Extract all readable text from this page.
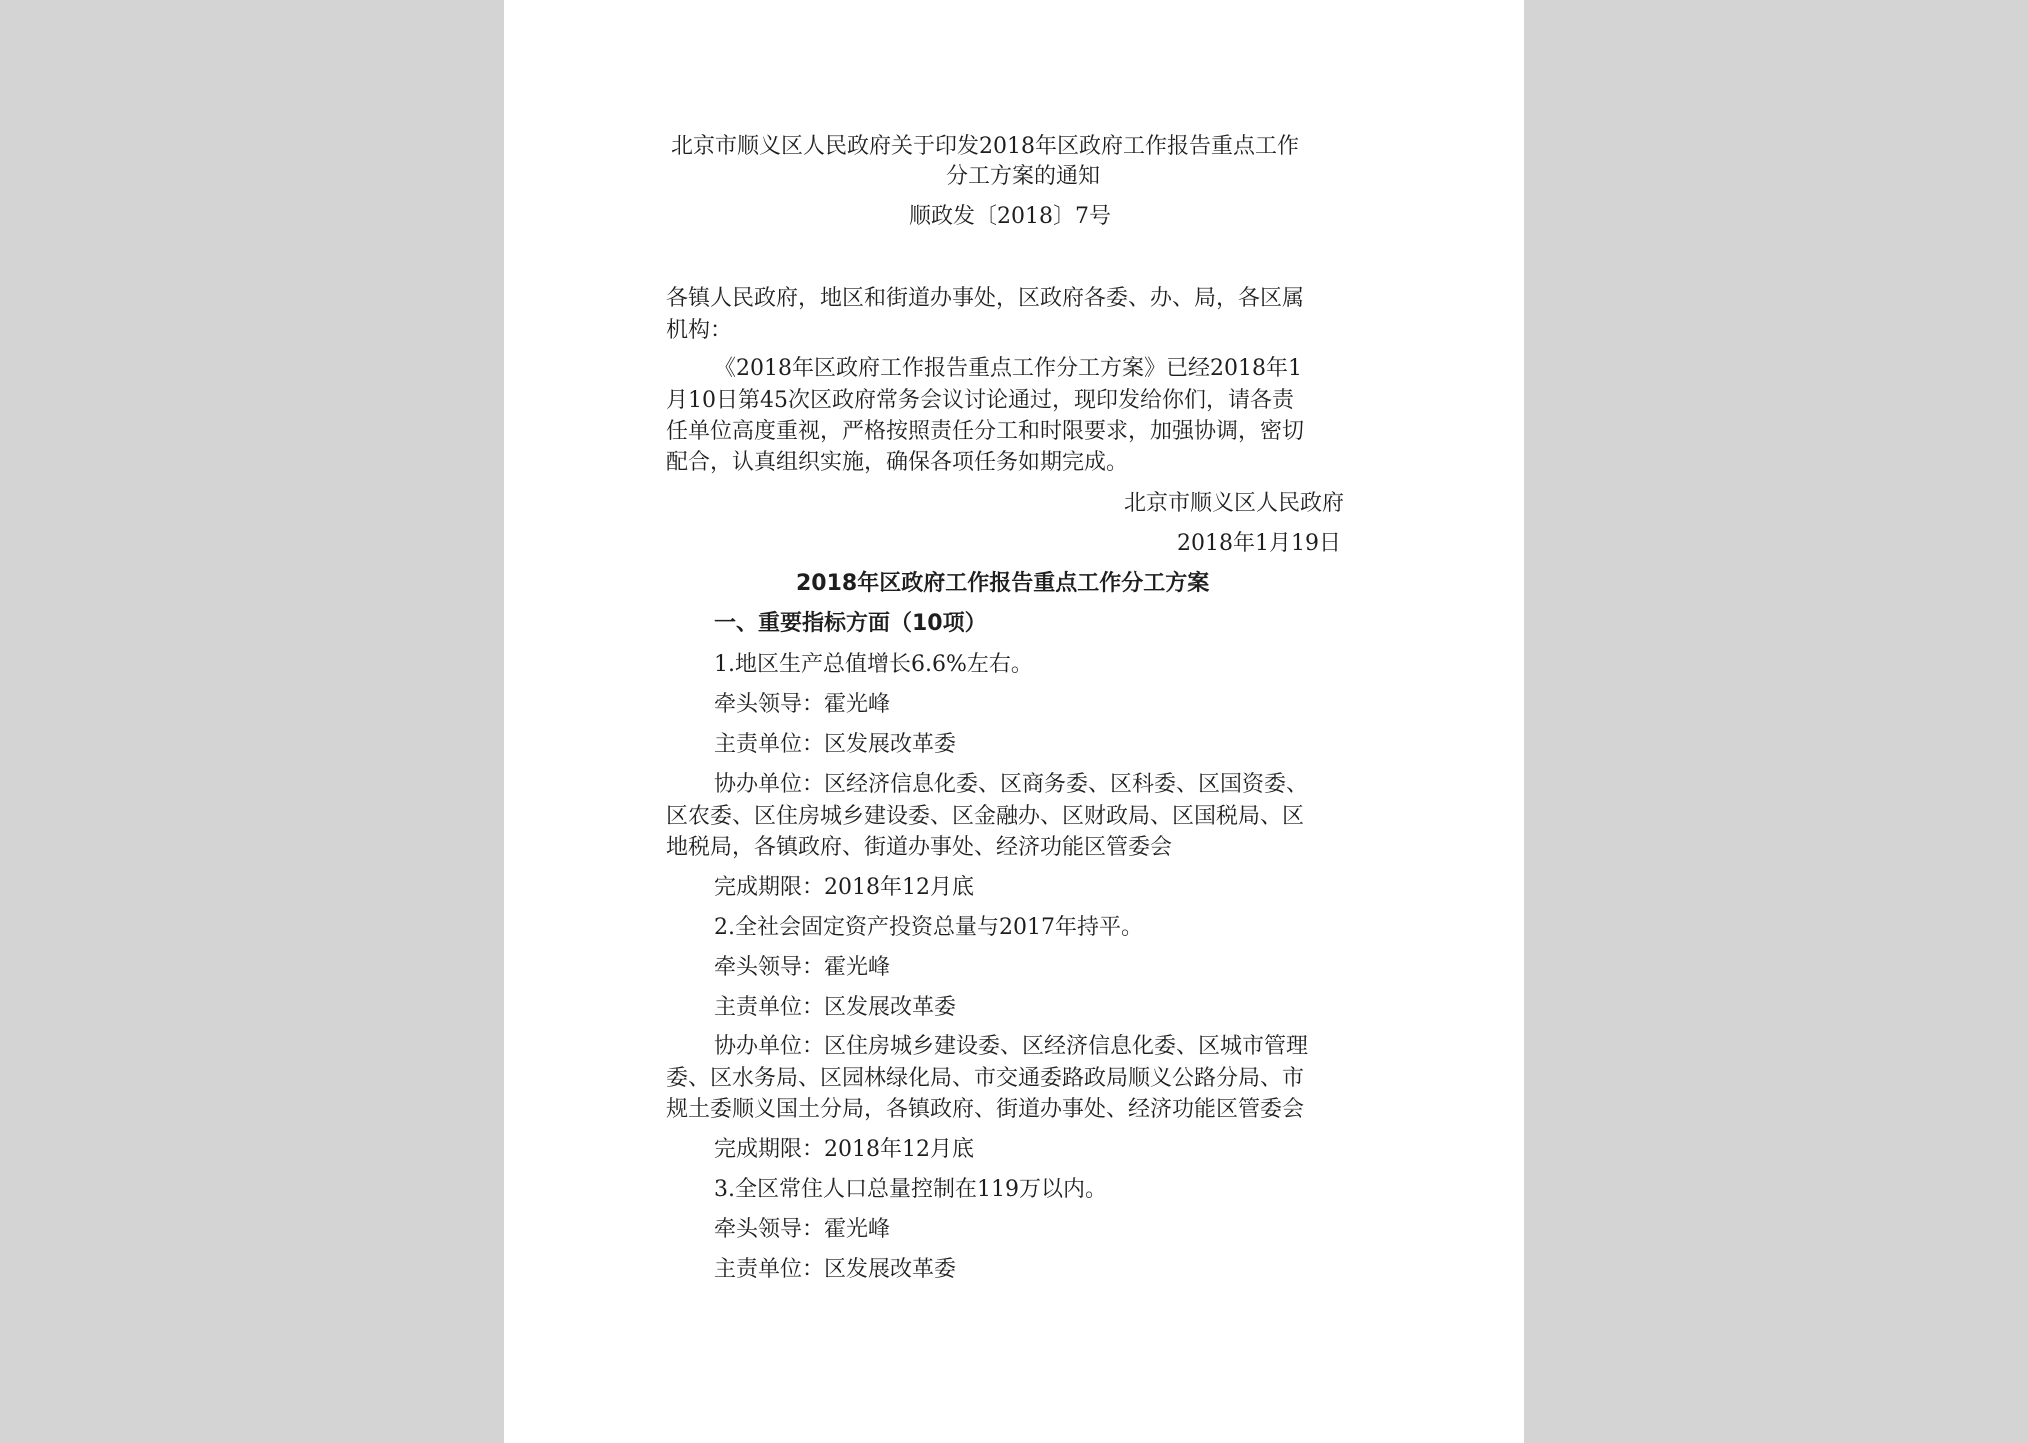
北京市顺义区人民政府关于印发2018年区政府工作报告重点工作
分工方案的通知
顺政发〔2018〕7号
各镇人民政府，地区和街道办事处，区政府各委、办、局，各区属
机构：
《2018年区政府工作报告重点工作分工方案》已经2018年1
月10日第45次区政府常务会议讨论通过，现印发给你们，请各责
任单位高度重视，严格按照责任分工和时限要求，加强协调，密切
配合，认真组织实施，确保各项任务如期完成。
北京市顺义区人民政府
2018年1月19日
2018年区政府工作报告重点工作分工方案
一、重要指标方面（10项）
1.地区生产总值增长6.6%左右。
牵头领导：霍光峰
主责单位：区发展改革委
协办单位：区经济信息化委、区商务委、区科委、区国资委、
区农委、区住房城乡建设委、区金融办、区财政局、区国税局、区
地税局，各镇政府、街道办事处、经济功能区管委会
完成期限：2018年12月底
2.全社会固定资产投资总量与2017年持平。
牵头领导：霍光峰
主责单位：区发展改革委
协办单位：区住房城乡建设委、区经济信息化委、区城市管理
委、区水务局、区园林绿化局、市交通委路政局顺义公路分局、市
规土委顺义国土分局，各镇政府、街道办事处、经济功能区管委会
完成期限：2018年12月底
3.全区常住人口总量控制在119万以内。
牵头领导：霍光峰
主责单位：区发展改革委
